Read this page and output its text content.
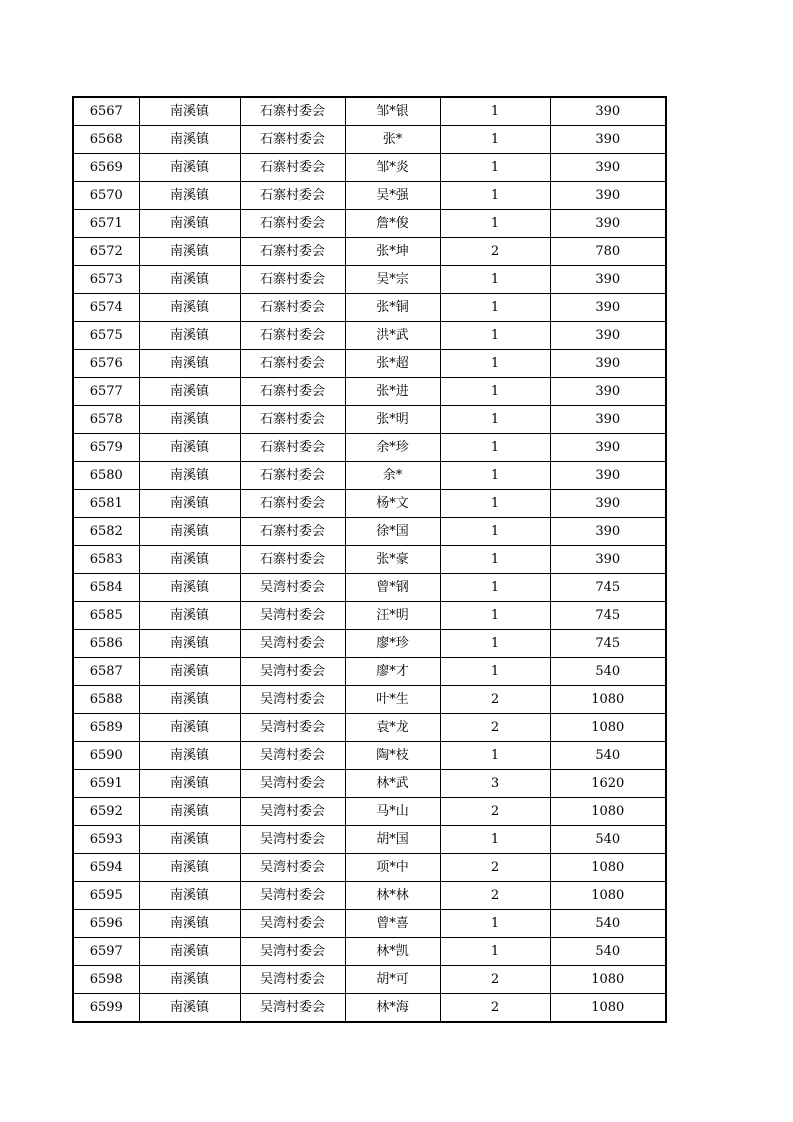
6567	南溪镇	石寨村委会	邹*银	1	390
6568	南溪镇	石寨村委会	张*	1	390
6569	南溪镇	石寨村委会	邹*炎	1	390
6570	南溪镇	石寨村委会	吴*强	1	390
6571	南溪镇	石寨村委会	詹*俊	1	390
6572	南溪镇	石寨村委会	张*坤	2	780
6573	南溪镇	石寨村委会	吴*宗	1	390
6574	南溪镇	石寨村委会	张*铜	1	390
6575	南溪镇	石寨村委会	洪*武	1	390
6576	南溪镇	石寨村委会	张*超	1	390
6577	南溪镇	石寨村委会	张*进	1	390
6578	南溪镇	石寨村委会	张*明	1	390
6579	南溪镇	石寨村委会	余*珍	1	390
6580	南溪镇	石寨村委会	余*	1	390
6581	南溪镇	石寨村委会	杨*文	1	390
6582	南溪镇	石寨村委会	徐*国	1	390
6583	南溪镇	石寨村委会	张*豪	1	390
6584	南溪镇	吴湾村委会	曾*钢	1	745
6585	南溪镇	吴湾村委会	汪*明	1	745
6586	南溪镇	吴湾村委会	廖*珍	1	745
6587	南溪镇	吴湾村委会	廖*才	1	540
6588	南溪镇	吴湾村委会	叶*生	2	1080
6589	南溪镇	吴湾村委会	袁*龙	2	1080
6590	南溪镇	吴湾村委会	陶*枝	1	540
6591	南溪镇	吴湾村委会	林*武	3	1620
6592	南溪镇	吴湾村委会	马*山	2	1080
6593	南溪镇	吴湾村委会	胡*国	1	540
6594	南溪镇	吴湾村委会	项*中	2	1080
6595	南溪镇	吴湾村委会	林*林	2	1080
6596	南溪镇	吴湾村委会	曾*喜	1	540
6597	南溪镇	吴湾村委会	林*凯	1	540
6598	南溪镇	吴湾村委会	胡*可	2	1080
6599	南溪镇	吴湾村委会	林*海	2	1080
